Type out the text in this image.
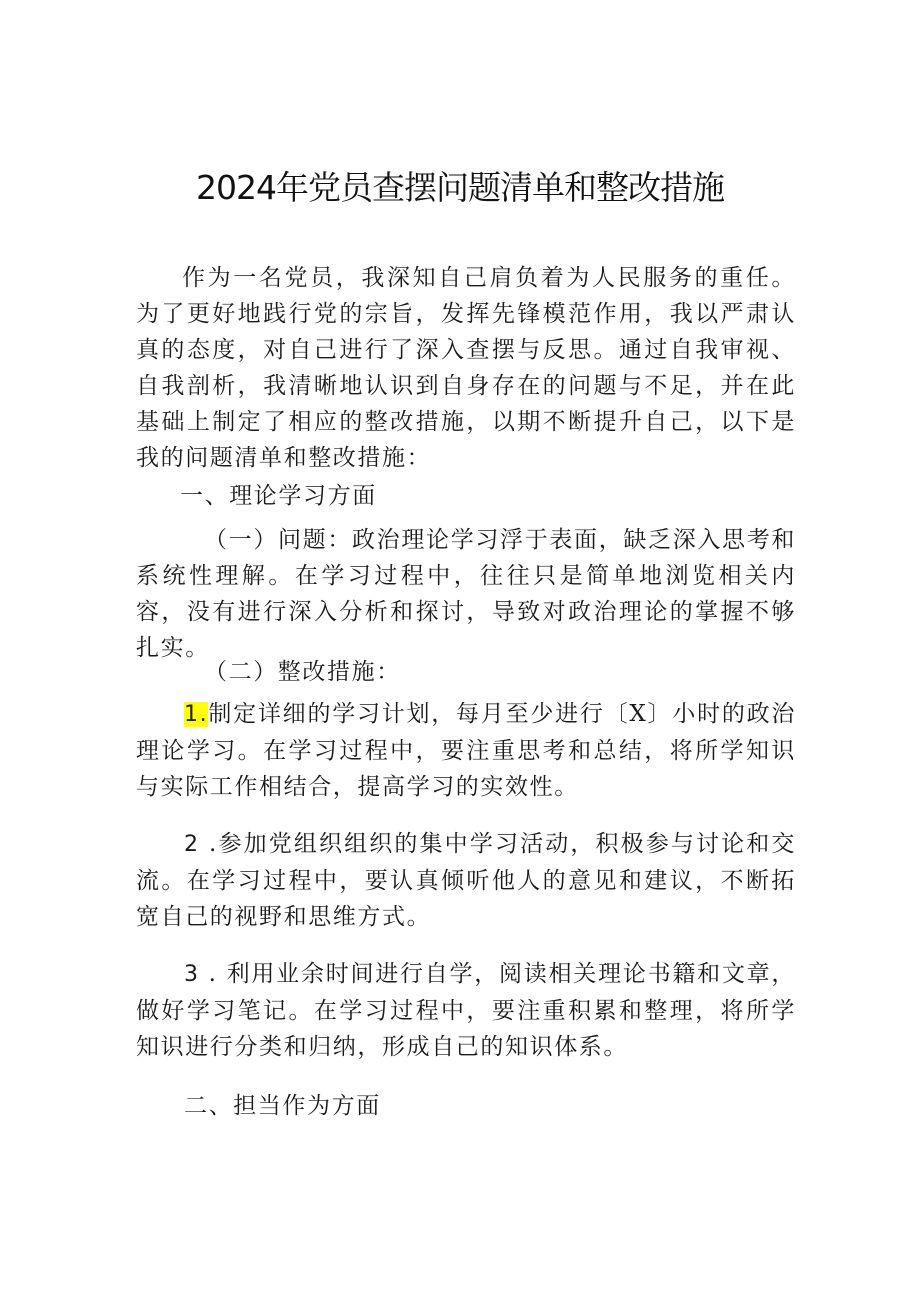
2024年党员查摆问题清单和整改措施

作为一名党员，我深知自己肩负着为人民服务的重任。为了更好地践行党的宗旨，发挥先锋模范作用，我以严肃认真的态度，对自己进行了深入查摆与反思。通过自我审视、自我剖析，我清晰地认识到自身存在的问题与不足，并在此基础上制定了相应的整改措施，以期不断提升自己，以下是我的问题清单和整改措施：

一、理论学习方面

（一）问题：政治理论学习浮于表面，缺乏深入思考和系统性理解。在学习过程中，往往只是简单地浏览相关内容，没有进行深入分析和探讨，导致对政治理论的掌握不够扎实。

（二）整改措施：

1.制定详细的学习计划，每月至少进行〔X〕小时的政治理论学习。在学习过程中，要注重思考和总结，将所学知识与实际工作相结合，提高学习的实效性。

2 .参加党组织组织的集中学习活动，积极参与讨论和交流。在学习过程中，要认真倾听他人的意见和建议，不断拓宽自己的视野和思维方式。

3 . 利用业余时间进行自学，阅读相关理论书籍和文章，做好学习笔记。在学习过程中，要注重积累和整理，将所学知识进行分类和归纳，形成自己的知识体系。

二、担当作为方面
